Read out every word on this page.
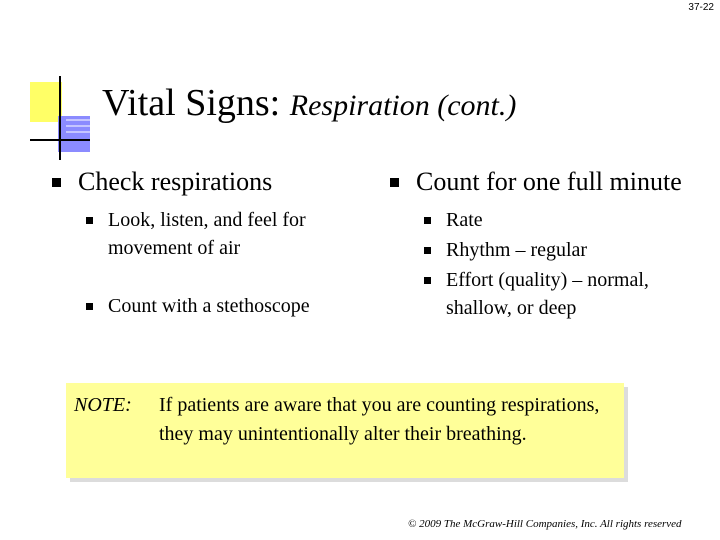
37-22
Vital Signs: Respiration (cont.)
Check respirations
Look, listen, and feel for movement of air
Count with a stethoscope
Count for one full minute
Rate
Rhythm – regular
Effort (quality) – normal, shallow, or deep
NOTE:	If patients are aware that you are counting respirations, they may unintentionally alter their breathing.
© 2009 The McGraw-Hill Companies, Inc. All rights reserved
